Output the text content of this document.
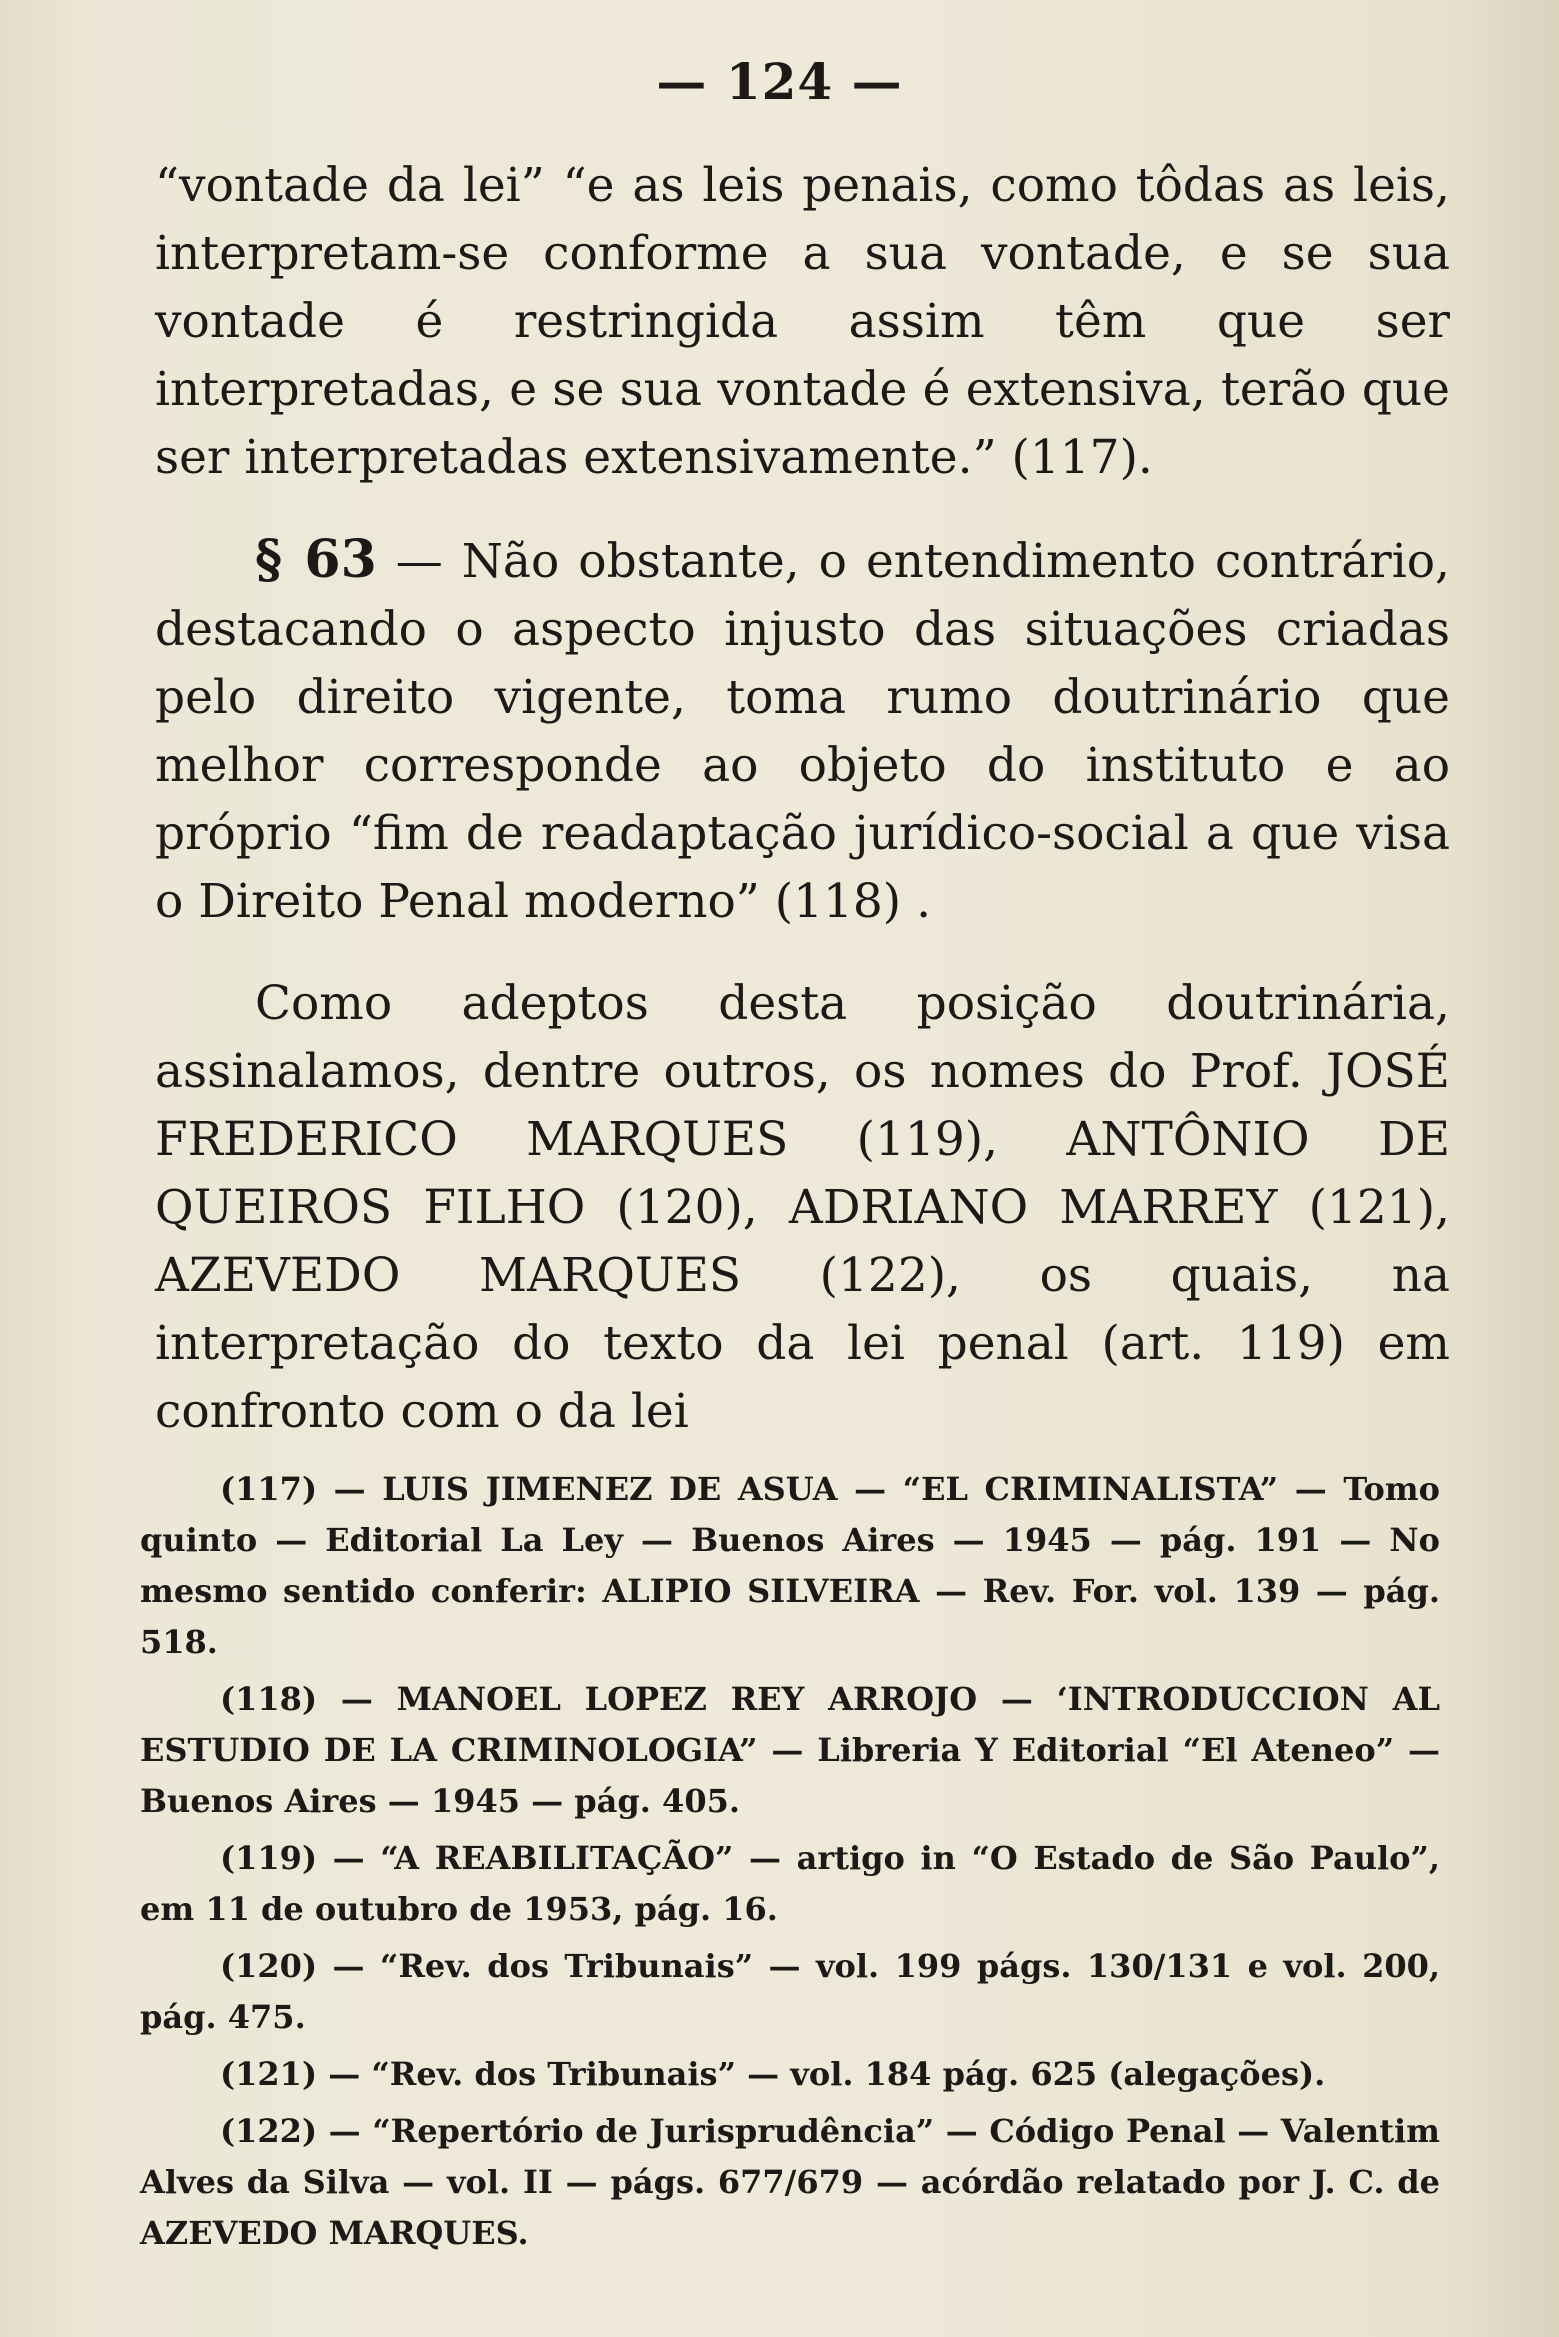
— 124 —

“vontade da lei” “e as leis penais, como tôdas as leis, interpretam-se conforme a sua vontade, e se sua vontade é restringida assim têm que ser interpretadas, e se sua vontade é extensiva, terão que ser interpretadas extensivamente.” (117).

§ 63 — Não obstante, o entendimento contrário, destacando o aspecto injusto das situações criadas pelo direito vigente, toma rumo doutrinário que melhor corresponde ao objeto do instituto e ao próprio “fim de readaptação jurídico-social a que visa o Direito Penal moderno” (118) .

Como adeptos desta posição doutrinária, assinalamos, dentre outros, os nomes do Prof. JOSÉ FREDERICO MARQUES (119), ANTÔNIO DE QUEIROS FILHO (120), ADRIANO MARREY (121), AZEVEDO MARQUES (122), os quais, na interpretação do texto da lei penal (art. 119) em confronto com o da lei

(117) — LUIS JIMENEZ DE ASUA — “EL CRIMINALISTA” — Tomo quinto — Editorial La Ley — Buenos Aires — 1945 — pág. 191 — No mesmo sentido conferir: ALIPIO SILVEIRA — Rev. For. vol. 139 — pág. 518.

(118) — MANOEL LOPEZ REY ARROJO — ‘INTRODUCCION AL ESTUDIO DE LA CRIMINOLOGIA” — Libreria Y Editorial “El Ateneo” — Buenos Aires — 1945 — pág. 405.

(119) — “A REABILITAÇÃO” — artigo in “O Estado de São Paulo”, em 11 de outubro de 1953, pág. 16.

(120) — “Rev. dos Tribunais” — vol. 199 págs. 130/131 e vol. 200, pág. 475.

(121) — “Rev. dos Tribunais” — vol. 184 pág. 625 (alegações).

(122) — “Repertório de Jurisprudência” — Código Penal — Valentim Alves da Silva — vol. II — págs. 677/679 — acórdão relatado por J. C. de AZEVEDO MARQUES.
